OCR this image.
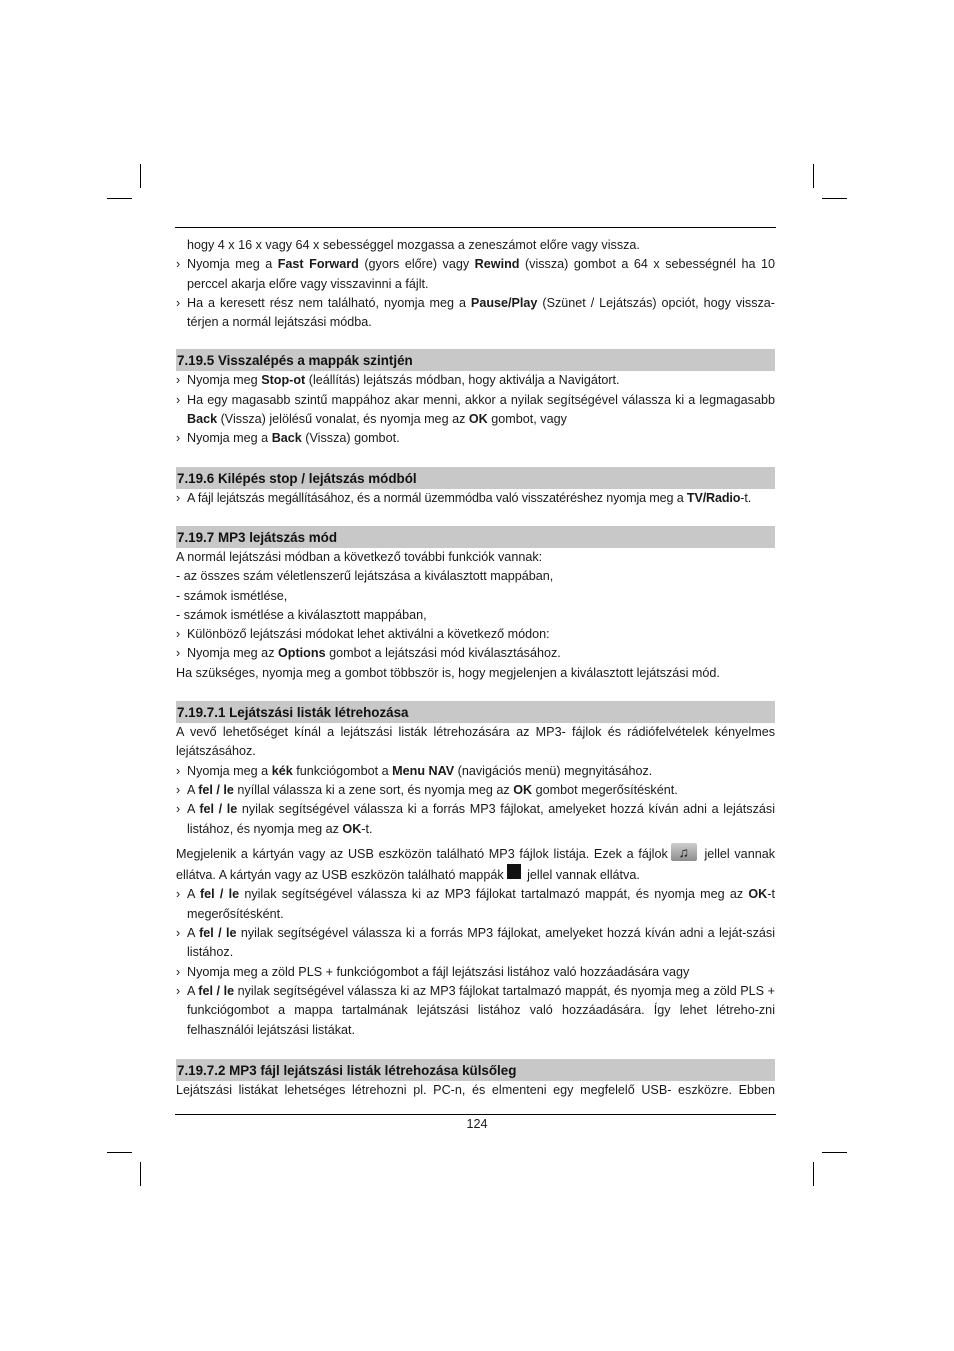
hogy 4 x 16 x vagy 64 x sebességgel mozgassa a zeneszámot előre vagy vissza.

› Nyomja meg a Fast Forward (gyors előre) vagy Rewind (vissza) gombot a 64 x sebességnél ha 10 perccel akarja előre vagy visszavinni a fájlt.

› Ha a keresett rész nem található, nyomja meg a Pause/Play (Szünet / Lejátszás) opciót, hogy vissza-térjen a normál lejátszási módba.

7.19.5 Visszalépés a mappák szintjén

› Nyomja meg Stop-ot (leállítás) lejátszás módban, hogy aktiválja a Navigátort.

› Ha egy magasabb szintű mappához akar menni, akkor a nyilak segítségével válassza ki a legmagasabb Back (Vissza) jelölésű vonalat, és nyomja meg az OK gombot, vagy

› Nyomja meg a Back (Vissza) gombot.

7.19.6 Kilépés stop / lejátszás módból

› A fájl lejátszás megállításához, és a normál üzemmódba való visszatéréshez nyomja meg a TV/Radio-t.

7.19.7 MP3 lejátszás mód

A normál lejátszási módban a következő további funkciók vannak:

- az összes szám véletlenszerű lejátszása a kiválasztott mappában,

- számok ismétlése,

- számok ismétlése a kiválasztott mappában,

› Különböző lejátszási módokat lehet aktiválni a következő módon:

› Nyomja meg az Options gombot a lejátszási mód kiválasztásához.

Ha szükséges, nyomja meg a gombot többször is, hogy megjelenjen a kiválasztott lejátszási mód.

7.19.7.1 Lejátszási listák létrehozása

A vevő lehetőséget kínál a lejátszási listák létrehozására az MP3- fájlok és rádiófelvételek kényelmes lejátszásához.

› Nyomja meg a kék funkciógombot a Menu NAV (navigációs menü) megnyitásához.

› A fel / le nyíllal válassza ki a zene sort, és nyomja meg az OK gombot megerősítésként.

› A fel / le nyilak segítségével válassza ki a forrás MP3 fájlokat, amelyeket hozzá kíván adni a lejátszási listához, és nyomja meg az OK-t.

Megjelenik a kártyán vagy az USB eszközön található MP3 fájlok listája. Ezek a fájlok ♫ jellel vannak ellátva. A kártyán vagy az USB eszközön található mappák jellel vannak ellátva.

› A fel / le nyilak segítségével válassza ki az MP3 fájlokat tartalmazó mappát, és nyomja meg az OK-t megerősítésként.

› A fel / le nyilak segítségével válassza ki a forrás MP3 fájlokat, amelyeket hozzá kíván adni a leját-szási listához.

› Nyomja meg a zöld PLS + funkciógombot a fájl lejátszási listához való hozzáadására vagy

› A fel / le nyilak segítségével válassza ki az MP3 fájlokat tartalmazó mappát, és nyomja meg a zöld PLS + funkciógombot a mappa tartalmának lejátszási listához való hozzáadására. Így lehet létreho-zni felhasználói lejátszási listákat.

7.19.7.2 MP3 fájl lejátszási listák létrehozása külsőleg

Lejátszási listákat lehetséges létrehozni pl. PC-n, és elmenteni egy megfelelő USB- eszközre. Ebben

124
